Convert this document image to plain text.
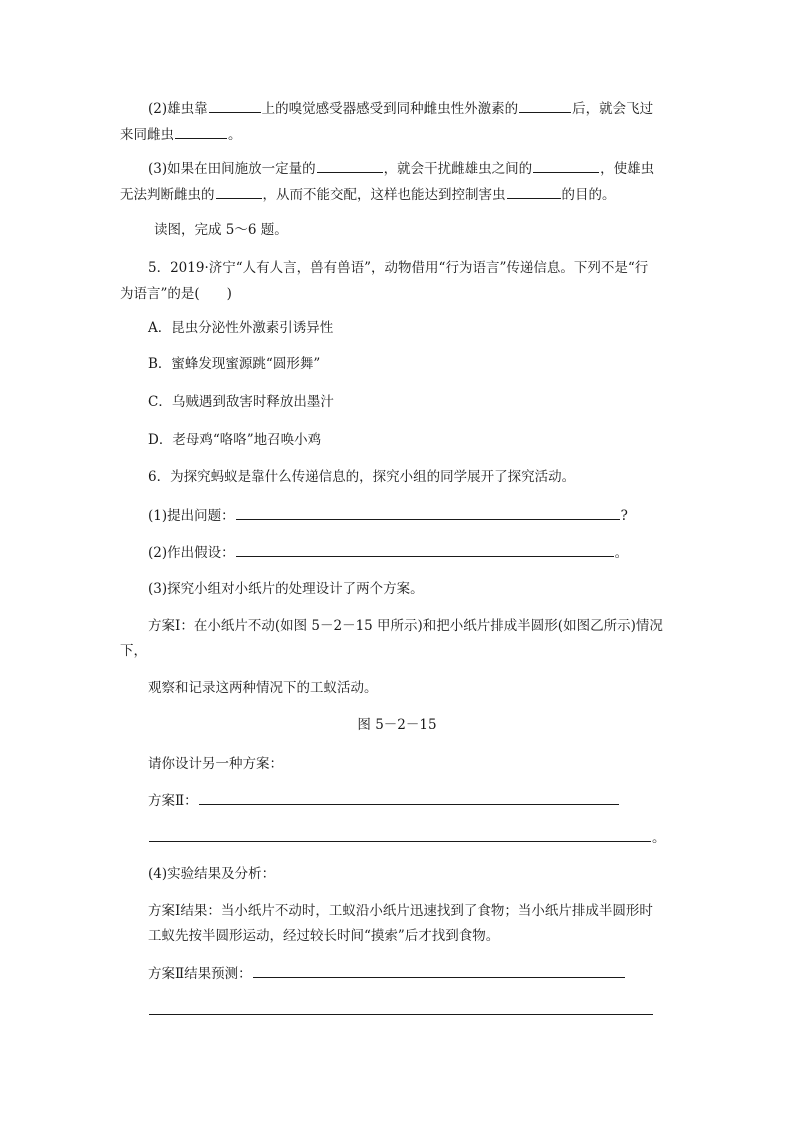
(2)雄虫靠	上的嗅觉感受器感受到同种雌虫性外激素的	后，就会飞过
来同雌虫	。
(3)如果在田间施放一定量的	，就会干扰雌雄虫之间的	，使雄虫
无法判断雌虫的	，从而不能交配，这样也能达到控制害虫	的目的。
读图，完成 5～6 题。
5．2019·济宁“人有人言，兽有兽语”，动物借用“行为语言”传递信息。下列不是“行
为语言”的是(　　)
A．昆虫分泌性外激素引诱异性
B．蜜蜂发现蜜源跳“圆形舞”
C．乌贼遇到敌害时释放出墨汁
D．老母鸡“咯咯”地召唤小鸡
6．为探究蚂蚁是靠什么传递信息的，探究小组的同学展开了探究活动。
(1)提出问题：	?
(2)作出假设：	。
(3)探究小组对小纸片的处理设计了两个方案。
方案Ⅰ：在小纸片不动(如图 5－2－15 甲所示)和把小纸片排成半圆形(如图乙所示)情况
下，
观察和记录这两种情况下的工蚁活动。
图 5－2－15
请你设计另一种方案：
方案Ⅱ：
。
(4)实验结果及分析：
方案Ⅰ结果：当小纸片不动时，工蚁沿小纸片迅速找到了食物；当小纸片排成半圆形时
工蚁先按半圆形运动，经过较长时间“摸索”后才找到食物。
方案Ⅱ结果预测：
